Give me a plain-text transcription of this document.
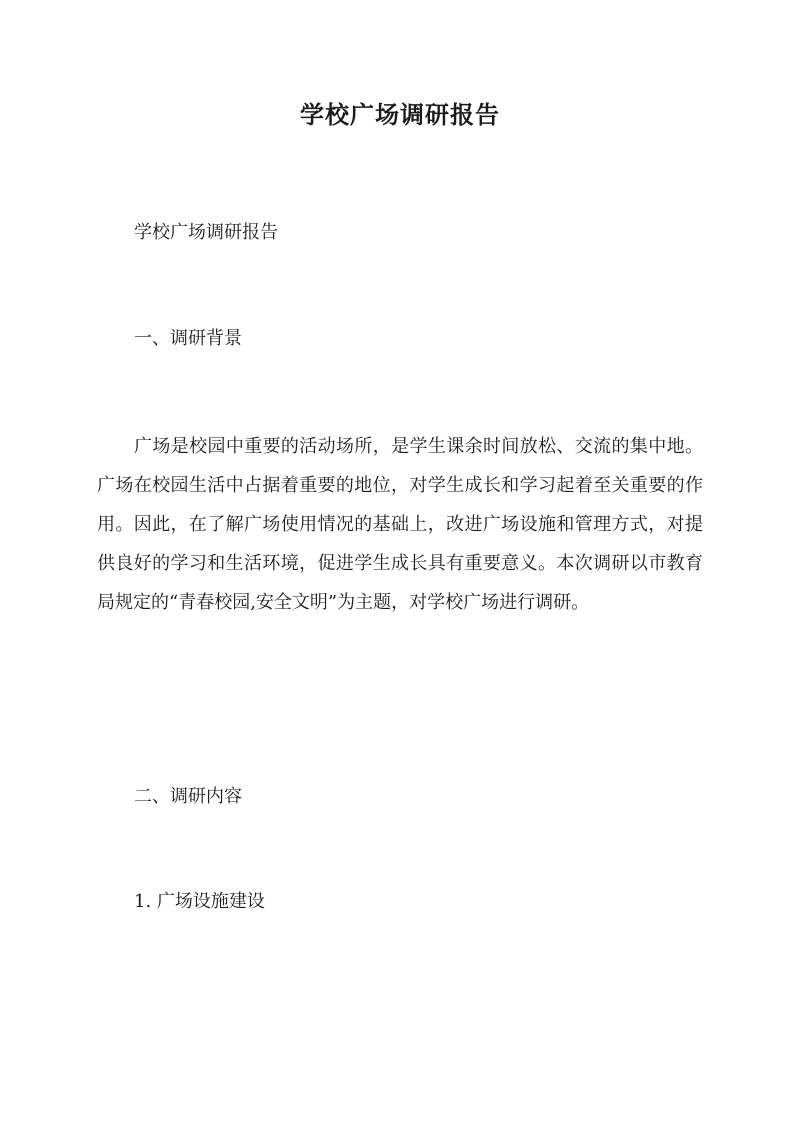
学校广场调研报告
学校广场调研报告
一、调研背景
广场是校园中重要的活动场所，是学生课余时间放松、交流的集中地。广场在校园生活中占据着重要的地位，对学生成长和学习起着至关重要的作用。因此，在了解广场使用情况的基础上，改进广场设施和管理方式，对提供良好的学习和生活环境，促进学生成长具有重要意义。本次调研以市教育局规定的“青春校园,安全文明”为主题，对学校广场进行调研。
二、调研内容
1. 广场设施建设
